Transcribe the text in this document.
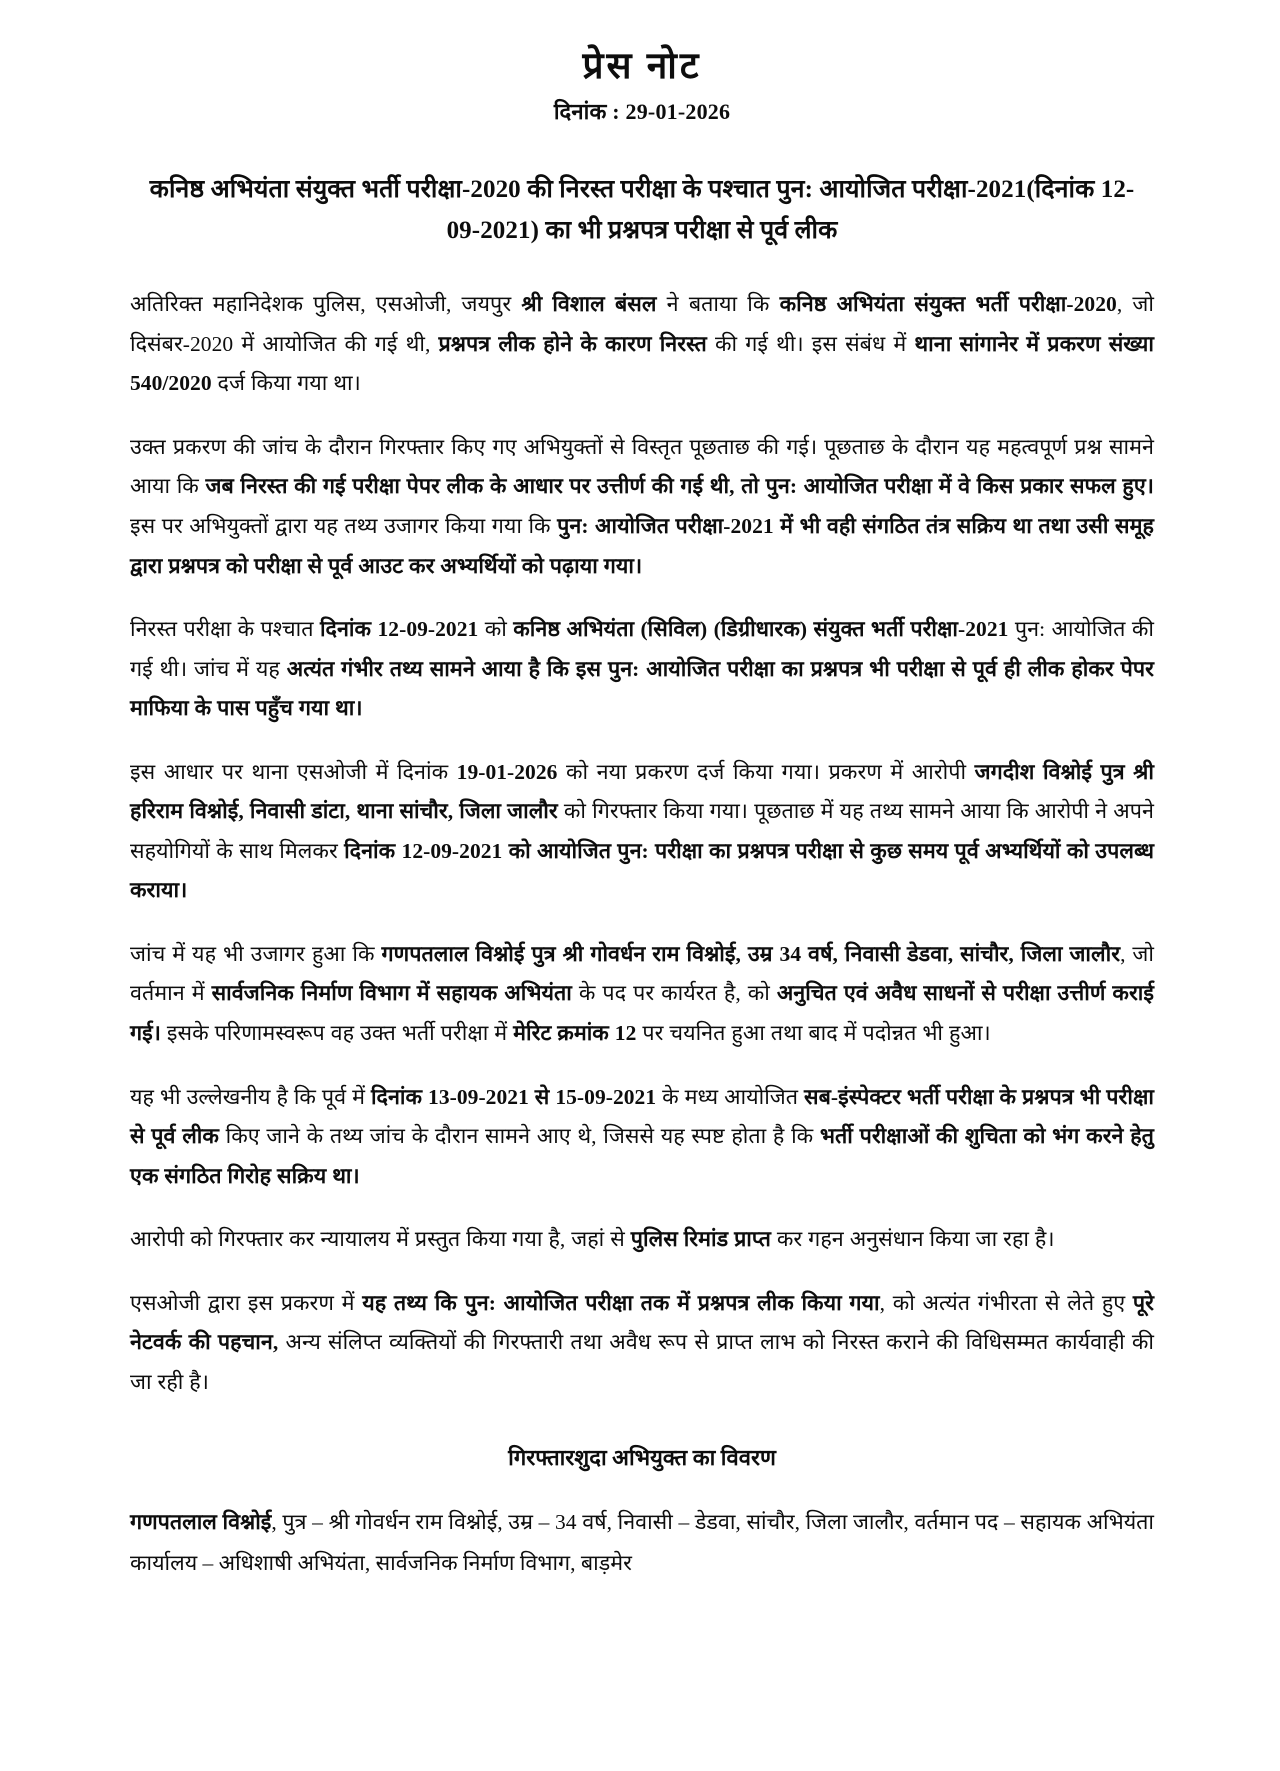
प्रेस नोट
दिनांक : 29-01-2026
कनिष्ठ अभियंता संयुक्त भर्ती परीक्षा-2020 की निरस्त परीक्षा के पश्चात पुन: आयोजित परीक्षा-2021(दिनांक 12-09-2021) का भी प्रश्नपत्र परीक्षा से पूर्व लीक

अतिरिक्त महानिदेशक पुलिस, एसओजी, जयपुर श्री विशाल बंसल ने बताया कि कनिष्ठ अभियंता संयुक्त भर्ती परीक्षा-2020, जो दिसंबर-2020 में आयोजित की गई थी, प्रश्नपत्र लीक होने के कारण निरस्त की गई थी। इस संबंध में थाना सांगानेर में प्रकरण संख्या 540/2020 दर्ज किया गया था।

उक्त प्रकरण की जांच के दौरान गिरफ्तार किए गए अभियुक्तों से विस्तृत पूछताछ की गई। पूछताछ के दौरान यह महत्वपूर्ण प्रश्न सामने आया कि जब निरस्त की गई परीक्षा पेपर लीक के आधार पर उत्तीर्ण की गई थी, तो पुन: आयोजित परीक्षा में वे किस प्रकार सफल हुए। इस पर अभियुक्तों द्वारा यह तथ्य उजागर किया गया कि पुन: आयोजित परीक्षा-2021 में भी वही संगठित तंत्र सक्रिय था तथा उसी समूह द्वारा प्रश्नपत्र को परीक्षा से पूर्व आउट कर अभ्यर्थियों को पढ़ाया गया।

निरस्त परीक्षा के पश्चात दिनांक 12-09-2021 को कनिष्ठ अभियंता (सिविल) (डिग्रीधारक) संयुक्त भर्ती परीक्षा-2021 पुन: आयोजित की गई थी। जांच में यह अत्यंत गंभीर तथ्य सामने आया है कि इस पुन: आयोजित परीक्षा का प्रश्नपत्र भी परीक्षा से पूर्व ही लीक होकर पेपर माफिया के पास पहुँच गया था।

इस आधार पर थाना एसओजी में दिनांक 19-01-2026 को नया प्रकरण दर्ज किया गया। प्रकरण में आरोपी जगदीश विश्नोई पुत्र श्री हरिराम विश्नोई, निवासी डांटा, थाना सांचौर, जिला जालौर को गिरफ्तार किया गया। पूछताछ में यह तथ्य सामने आया कि आरोपी ने अपने सहयोगियों के साथ मिलकर दिनांक 12-09-2021 को आयोजित पुन: परीक्षा का प्रश्नपत्र परीक्षा से कुछ समय पूर्व अभ्यर्थियों को उपलब्ध कराया।

जांच में यह भी उजागर हुआ कि गणपतलाल विश्नोई पुत्र श्री गोवर्धन राम विश्नोई, उम्र 34 वर्ष, निवासी डेडवा, सांचौर, जिला जालौर, जो वर्तमान में सार्वजनिक निर्माण विभाग में सहायक अभियंता के पद पर कार्यरत है, को अनुचित एवं अवैध साधनों से परीक्षा उत्तीर्ण कराई गई। इसके परिणामस्वरूप वह उक्त भर्ती परीक्षा में मेरिट क्रमांक 12 पर चयनित हुआ तथा बाद में पदोन्नत भी हुआ।

यह भी उल्लेखनीय है कि पूर्व में दिनांक 13-09-2021 से 15-09-2021 के मध्य आयोजित सब-इंस्पेक्टर भर्ती परीक्षा के प्रश्नपत्र भी परीक्षा से पूर्व लीक किए जाने के तथ्य जांच के दौरान सामने आए थे, जिससे यह स्पष्ट होता है कि भर्ती परीक्षाओं की शुचिता को भंग करने हेतु एक संगठित गिरोह सक्रिय था।

आरोपी को गिरफ्तार कर न्यायालय में प्रस्तुत किया गया है, जहां से पुलिस रिमांड प्राप्त कर गहन अनुसंधान किया जा रहा है।

एसओजी द्वारा इस प्रकरण में यह तथ्य कि पुन: आयोजित परीक्षा तक में प्रश्नपत्र लीक किया गया, को अत्यंत गंभीरता से लेते हुए पूरे नेटवर्क की पहचान, अन्य संलिप्त व्यक्तियों की गिरफ्तारी तथा अवैध रूप से प्राप्त लाभ को निरस्त कराने की विधिसम्मत कार्यवाही की जा रही है।

गिरफ्तारशुदा अभियुक्त का विवरण

गणपतलाल विश्नोई, पुत्र – श्री गोवर्धन राम विश्नोई, उम्र – 34 वर्ष, निवासी – डेडवा, सांचौर, जिला जालौर, वर्तमान पद – सहायक अभियंता कार्यालय – अधिशाषी अभियंता, सार्वजनिक निर्माण विभाग, बाड़मेर
